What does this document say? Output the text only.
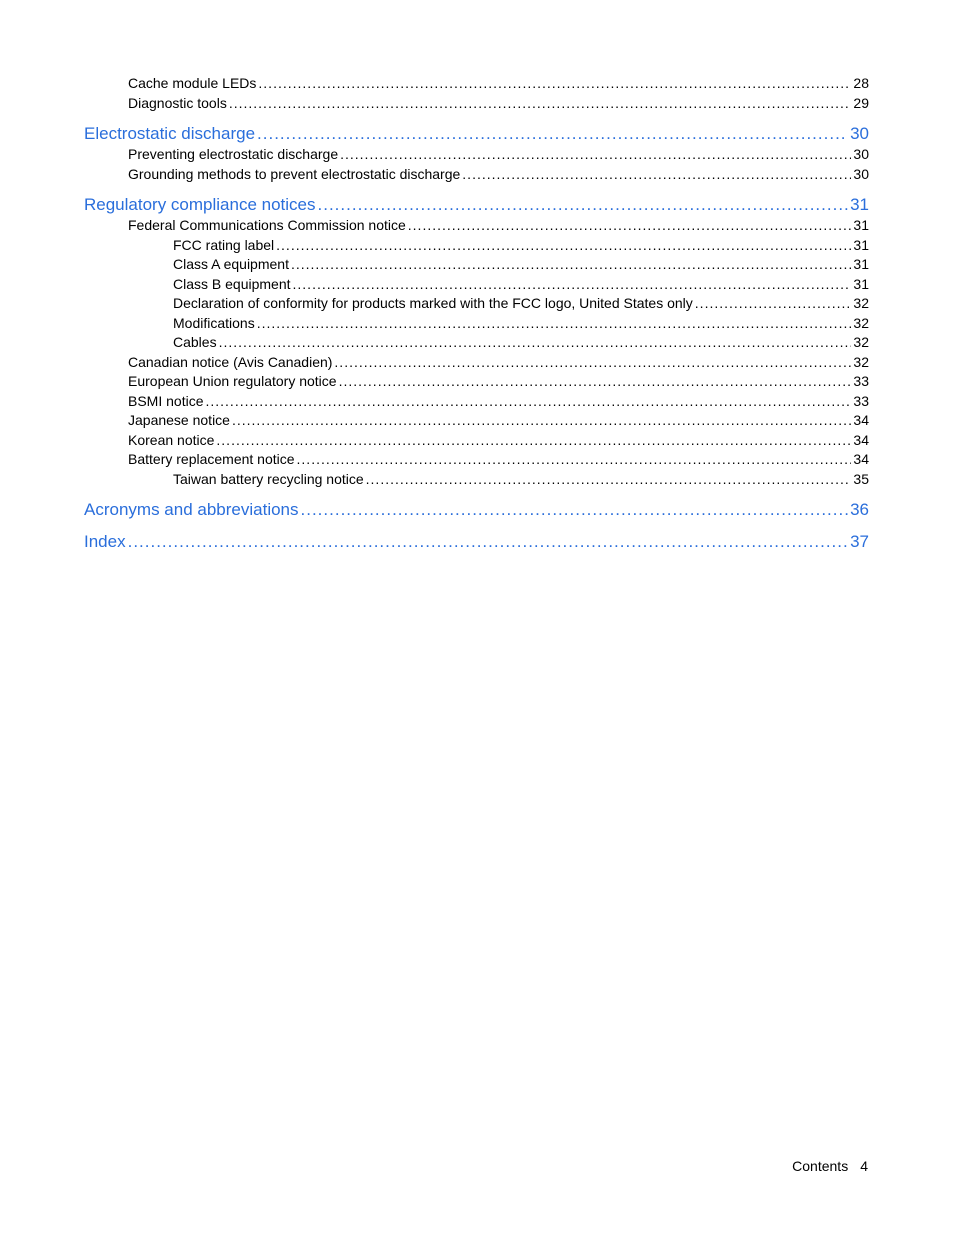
Cache module LEDs .....	28
Diagnostic tools .....	29
Electrostatic discharge .....	30
Preventing electrostatic discharge .....	30
Grounding methods to prevent electrostatic discharge .....	30
Regulatory compliance notices .....	31
Federal Communications Commission notice .....	31
FCC rating label .....	31
Class A equipment .....	31
Class B equipment .....	31
Declaration of conformity for products marked with the FCC logo, United States only .....	32
Modifications .....	32
Cables .....	32
Canadian notice (Avis Canadien) .....	32
European Union regulatory notice .....	33
BSMI notice .....	33
Japanese notice .....	34
Korean notice .....	34
Battery replacement notice .....	34
Taiwan battery recycling notice .....	35
Acronyms and abbreviations .....	36
Index .....	37
Contents 4
